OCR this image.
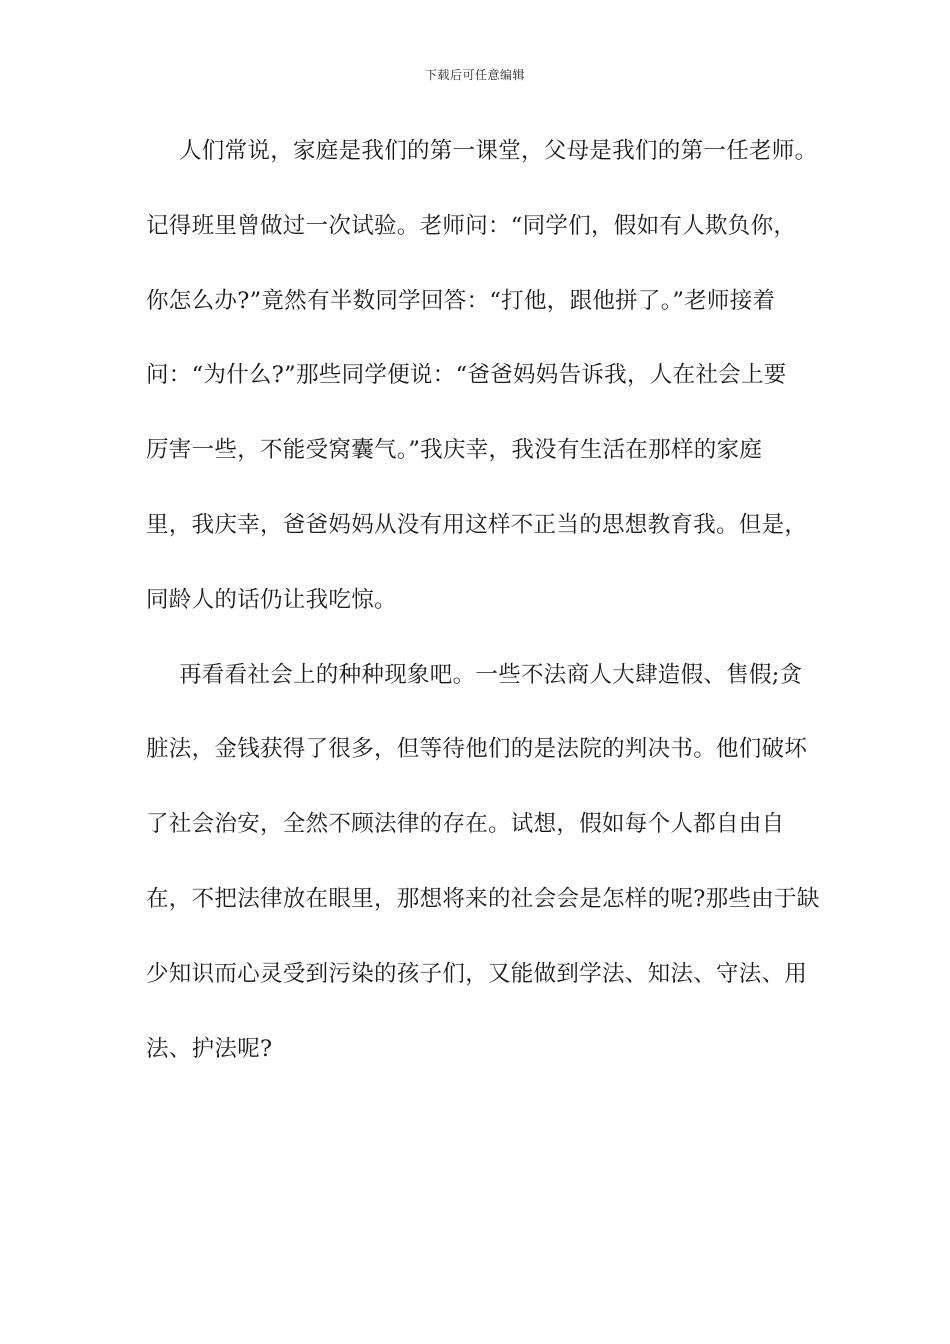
下载后可任意编辑
人们常说，家庭是我们的第一课堂，父母是我们的第一任老师。
记得班里曾做过一次试验。老师问：“同学们，假如有人欺负你，
你怎么办?”竟然有半数同学回答：“打他，跟他拼了。”老师接着
问：“为什么?”那些同学便说：“爸爸妈妈告诉我，人在社会上要
厉害一些，不能受窝囊气。”我庆幸，我没有生活在那样的家庭
里，我庆幸，爸爸妈妈从没有用这样不正当的思想教育我。但是，
同龄人的话仍让我吃惊。
再看看社会上的种种现象吧。一些不法商人大肆造假、售假;贪
脏法，金钱获得了很多，但等待他们的是法院的判决书。他们破坏
了社会治安，全然不顾法律的存在。试想，假如每个人都自由自
在，不把法律放在眼里，那想将来的社会会是怎样的呢?那些由于缺
少知识而心灵受到污染的孩子们，又能做到学法、知法、守法、用
法、护法呢?
